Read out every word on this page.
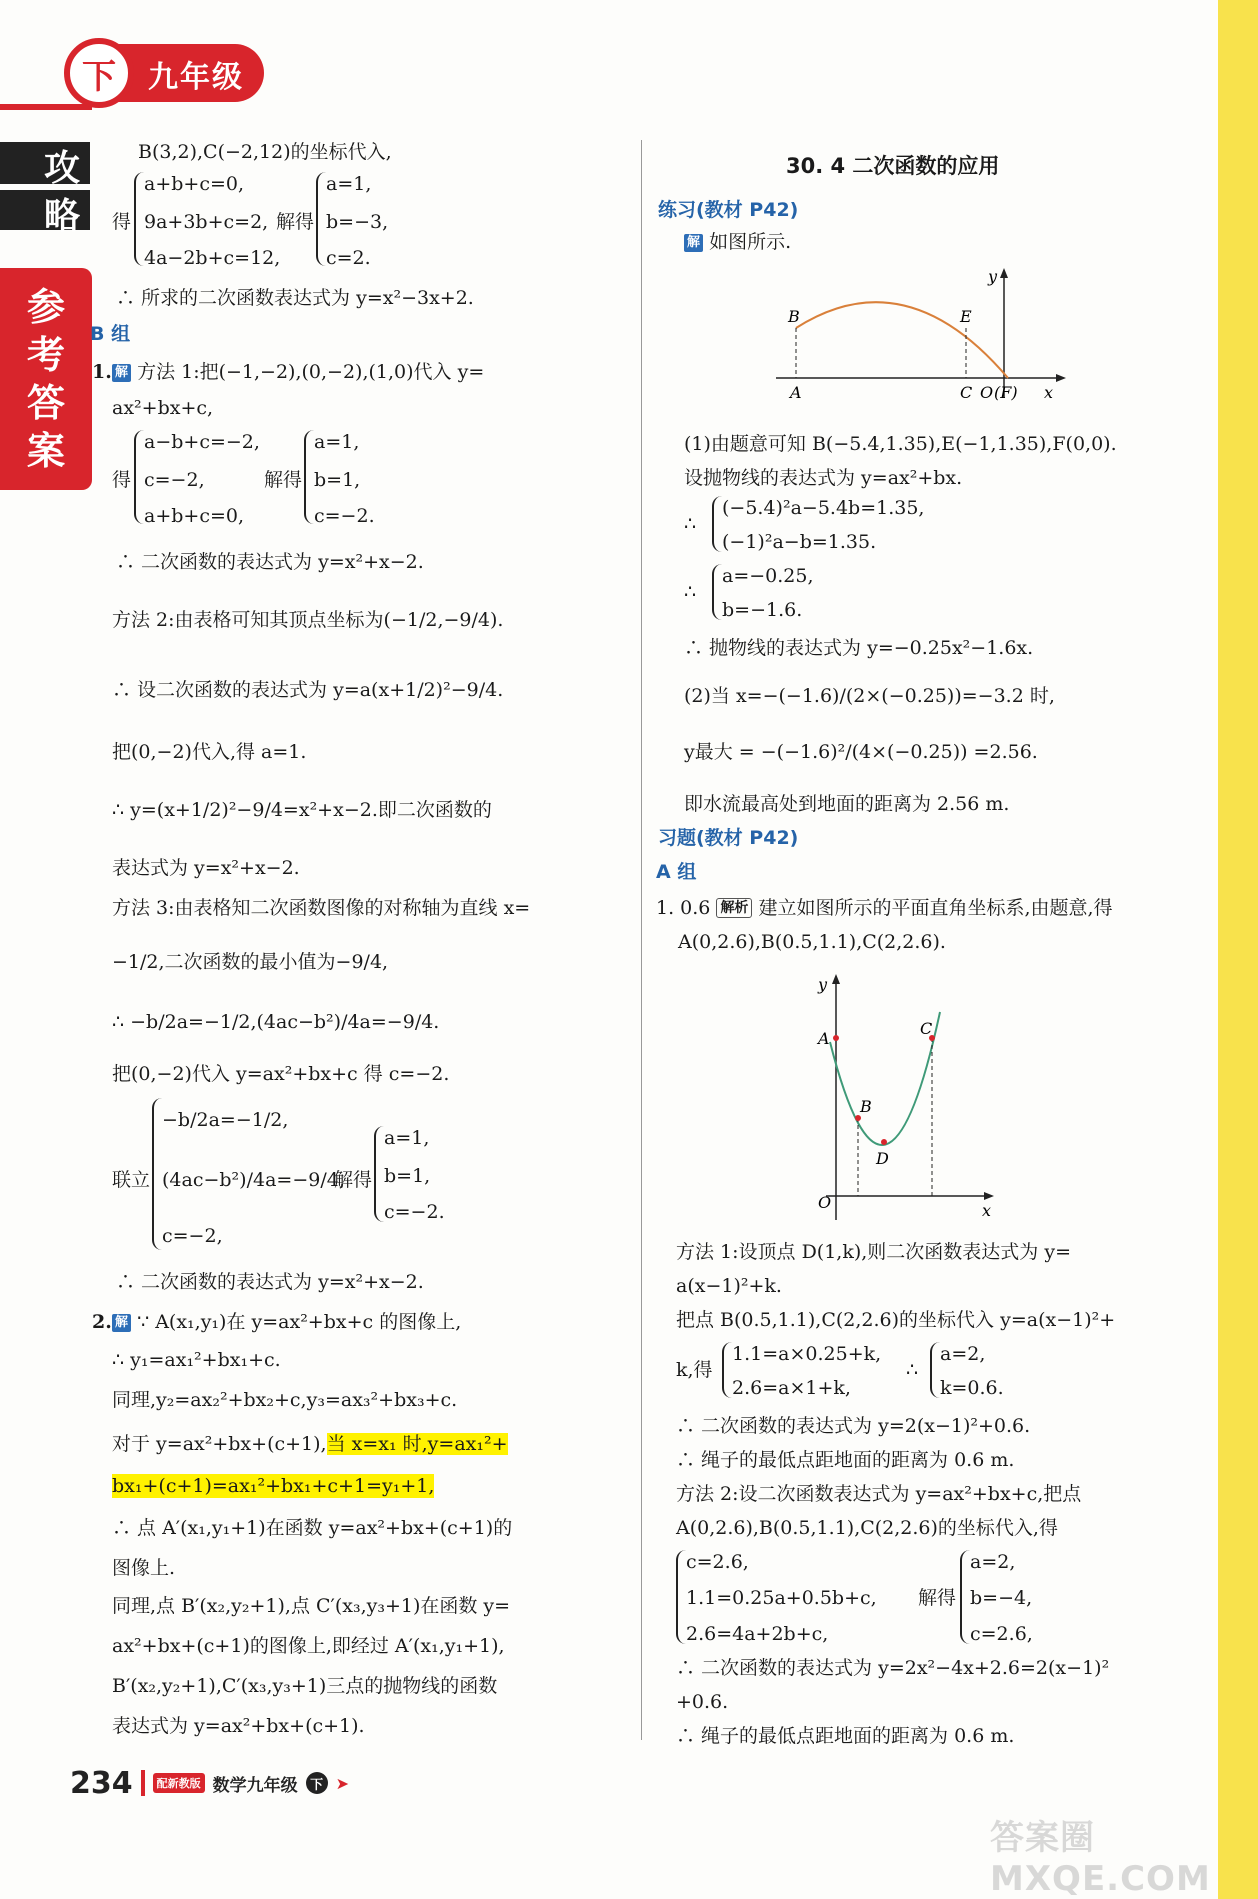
下	九年级
攻
略
参
考
答
案
B(3,2),C(−2,12)的坐标代入,
得
a+b+c=0,
9a+3b+c=2,
4a−2b+c=12,
解得
a=1,
b=−3,
c=2.
∴ 所求的二次函数表达式为 y=x²−3x+2.
B 组
1. 解 方法 1:把(−1,−2),(0,−2),(1,0)代入 y=
ax²+bx+c,
得
a−b+c=−2,
c=−2,
a+b+c=0,
解得
a=1,
b=1,
c=−2.
∴ 二次函数的表达式为 y=x²+x−2.
方法 2:由表格可知其顶点坐标为(−1/2,−9/4).
∴ 设二次函数的表达式为 y=a(x+1/2)²−9/4.
把(0,−2)代入,得 a=1.
∴ y=(x+1/2)²−9/4=x²+x−2.即二次函数的
表达式为 y=x²+x−2.
方法 3:由表格知二次函数图像的对称轴为直线 x=
−1/2,二次函数的最小值为−9/4,
∴ −b/2a=−1/2,(4ac−b²)/4a=−9/4.
把(0,−2)代入 y=ax²+bx+c 得 c=−2.
联立
−b/2a=−1/2,
(4ac−b²)/4a=−9/4,
c=−2,
解得
a=1,
b=1,
c=−2.
∴ 二次函数的表达式为 y=x²+x−2.
2. 解 ∵ A(x₁,y₁)在 y=ax²+bx+c 的图像上,
∴ y₁=ax₁²+bx₁+c.
同理,y₂=ax₂²+bx₂+c,y₃=ax₃²+bx₃+c.
对于 y=ax²+bx+(c+1),当 x=x₁ 时,y=ax₁²+
bx₁+(c+1)=ax₁²+bx₁+c+1=y₁+1,
∴ 点 A′(x₁,y₁+1)在函数 y=ax²+bx+(c+1)的
图像上.
同理,点 B′(x₂,y₂+1),点 C′(x₃,y₃+1)在函数 y=
ax²+bx+(c+1)的图像上,即经过 A′(x₁,y₁+1),
B′(x₂,y₂+1),C′(x₃,y₃+1)三点的抛物线的函数
表达式为 y=ax²+bx+(c+1).
30. 4 二次函数的应用
练习(教材 P42)
解 如图所示.
B	E
A	C O (F) x
y
(1)由题意可知 B(−5.4,1.35),E(−1,1.35),F(0,0).
设抛物线的表达式为 y=ax²+bx.
∴
(−5.4)²a−5.4b=1.35,
(−1)²a−b=1.35.
∴
a=−0.25,
b=−1.6.
∴ 抛物线的表达式为 y=−0.25x²−1.6x.
(2)当 x=−(−1.6)/(2×(−0.25))=−3.2 时,
y最大 = −(−1.6)²/(4×(−0.25)) =2.56.
即水流最高处到地面的距离为 2.56 m.
习题(教材 P42)
A 组
1. 0.6 解析 建立如图所示的平面直角坐标系,由题意,得
A(0,2.6),B(0.5,1.1),C(2,2.6).
y
A
C
B
D
O	x
方法 1:设顶点 D(1,k),则二次函数表达式为 y=
a(x−1)²+k.
把点 B(0.5,1.1),C(2,2.6)的坐标代入 y=a(x−1)²+
k,得
1.1=a×0.25+k,
2.6=a×1+k,
∴
a=2,
k=0.6.
∴ 二次函数的表达式为 y=2(x−1)²+0.6.
∴ 绳子的最低点距地面的距离为 0.6 m.
方法 2:设二次函数表达式为 y=ax²+bx+c,把点
A(0,2.6),B(0.5,1.1),C(2,2.6)的坐标代入,得
c=2.6,
1.1=0.25a+0.5b+c,
2.6=4a+2b+c,
解得
a=2,
b=−4,
c=2.6,
∴ 二次函数的表达式为 y=2x²−4x+2.6=2(x−1)²
+0.6.
∴ 绳子的最低点距地面的距离为 0.6 m.
234	配新教版 数学九年级 下 ➤
答案圈 MXQE.COM
